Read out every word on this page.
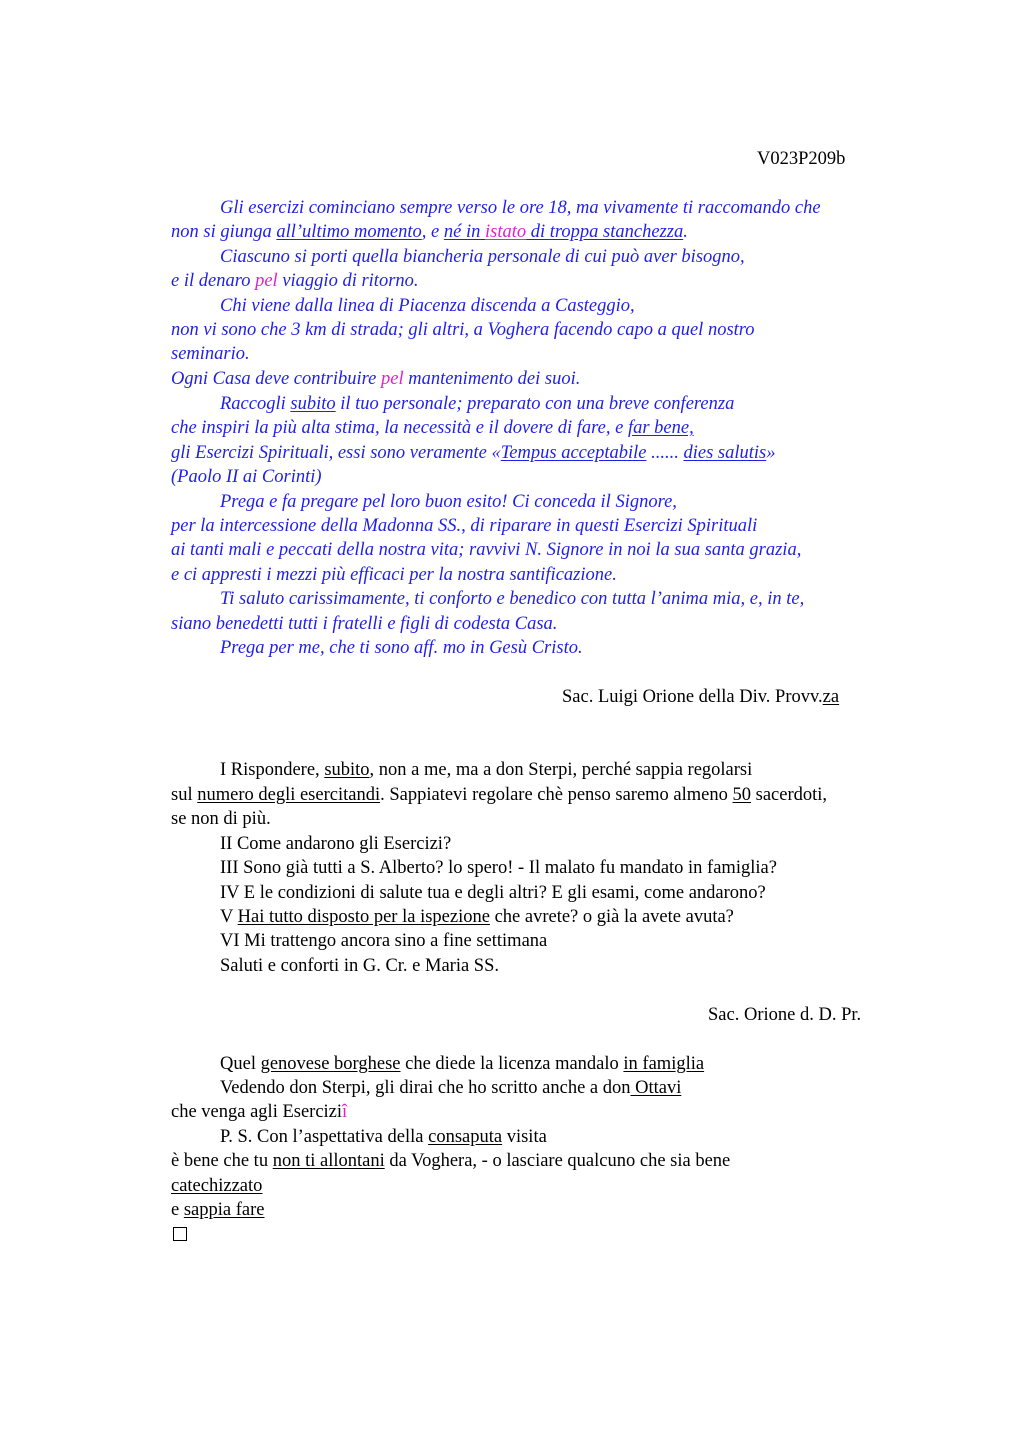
V023P209b
Gli esercizi cominciano sempre verso le ore 18, ma vivamente ti raccomando che
non si giunga all’ultimo momento, e né in istato di troppa stanchezza.
Ciascuno si porti quella biancheria personale di cui può aver bisogno,
e il denaro pel viaggio di ritorno.
Chi viene dalla linea di Piacenza discenda a Casteggio,
non vi sono che 3 km di strada; gli altri, a Voghera facendo capo a quel nostro
seminario.
Ogni Casa deve contribuire pel mantenimento dei suoi.
Raccogli subito il tuo personale; preparato con una breve conferenza
che inspiri la più alta stima, la necessità e il dovere di fare, e far bene,
gli Esercizi Spirituali, essi sono veramente «Tempus acceptabile ...... dies salutis»
(Paolo II ai Corinti)
Prega e fa pregare pel loro buon esito! Ci conceda il Signore,
per la intercessione della Madonna SS., di riparare in questi Esercizi Spirituali
ai tanti mali e peccati della nostra vita; ravvivi N. Signore in noi la sua santa grazia,
e ci appresti i mezzi più efficaci per la nostra santificazione.
Ti saluto carissimamente, ti conforto e benedico con tutta l’anima mia, e, in te,
siano benedetti tutti i fratelli e figli di codesta Casa.
Prega per me, che ti sono aff. mo in Gesù Cristo.
Sac. Luigi Orione della Div. Provv.za
I Rispondere, subito, non a me, ma a don Sterpi, perché sappia regolarsi
sul numero degli esercitandi. Sappiatevi regolare chè penso saremo almeno 50 sacerdoti,
se non di più.
II Come andarono gli Esercizi?
III Sono già tutti a S. Alberto? lo spero! - Il malato fu mandato in famiglia?
IV E le condizioni di salute tua e degli altri? E gli esami, come andarono?
V Hai tutto disposto per la ispezione che avrete? o già la avete avuta?
VI Mi trattengo ancora sino a fine settimana
Saluti e conforti in G. Cr. e Maria SS.
Sac. Orione d. D. Pr.
Quel genovese borghese che diede la licenza mandalo in famiglia
Vedendo don Sterpi, gli dirai che ho scritto anche a don Ottavi
che venga agli Eserciziî
P. S. Con l’aspettativa della consaputa visita
è bene che tu non ti allontani da Voghera, - o lasciare qualcuno che sia bene
catechizzato
e sappia fare
